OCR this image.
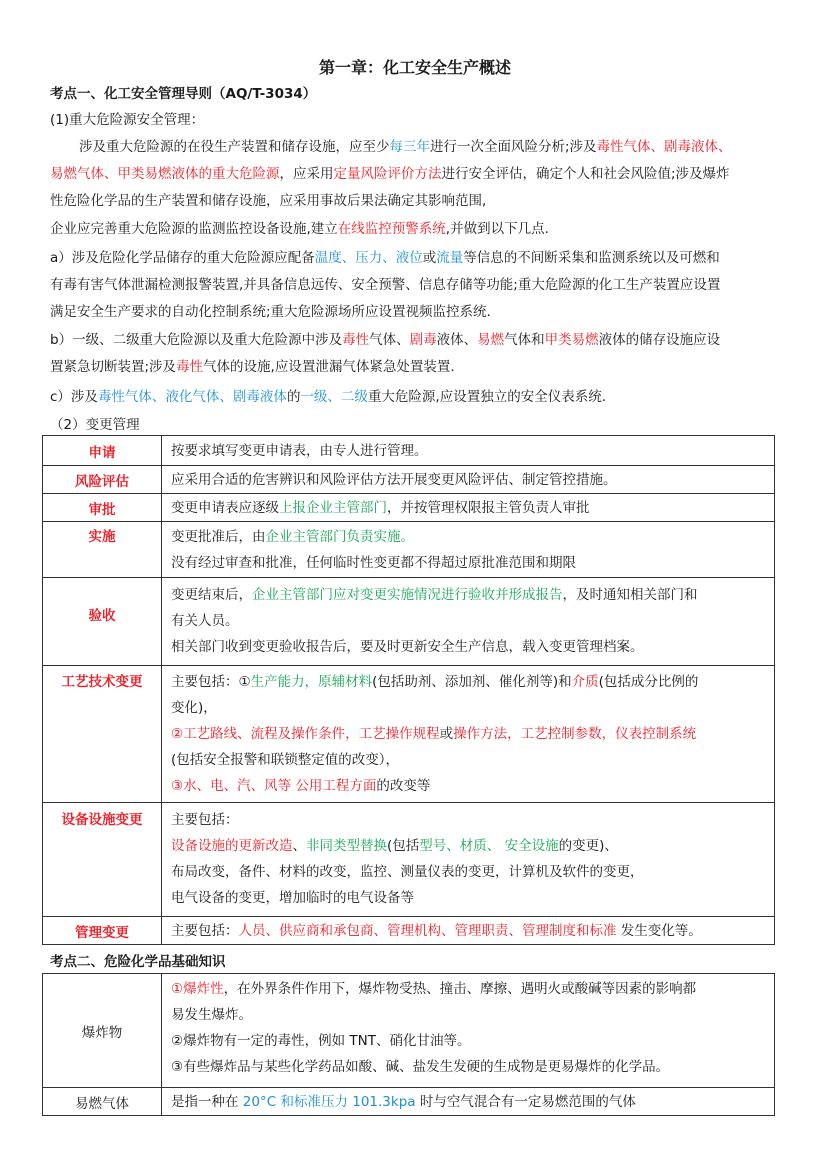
第一章：化工安全生产概述
考点一、化工安全管理导则（AQ/T-3034）
(1)重大危险源安全管理：
涉及重大危险源的在役生产装置和储存设施，应至少每三年进行一次全面风险分析;涉及毒性气体、剧毒液体、
易燃气体、甲类易燃液体的重大危险源，应采用定量风险评价方法进行安全评估，确定个人和社会风险值;涉及爆炸
性危险化学品的生产装置和储存设施，应采用事故后果法确定其影响范围,
企业应完善重大危险源的监测监控设备设施,建立在线监控预警系统,并做到以下几点.
a）涉及危险化学品储存的重大危险源应配备温度、压力、液位或流量等信息的不间断采集和监测系统以及可燃和
有毒有害气体泄漏检测报警装置,并具备信息远传、安全预警、信息存储等功能;重大危险源的化工生产装置应设置
满足安全生产要求的自动化控制系统;重大危险源场所应设置视频监控系统.
b）一级、二级重大危险源以及重大危险源中涉及毒性气体、剧毒液体、易燃气体和甲类易燃液体的储存设施应设
置紧急切断装置;涉及毒性气体的设施,应设置泄漏气体紧急处置装置.
c）涉及毒性气体、液化气体、剧毒液体的一级、二级重大危险源,应设置独立的安全仪表系统.
（2）变更管理
申请	按要求填写变更申请表，由专人进行管理。

风险评估	应采用合适的危害辨识和风险评估方法开展变更风险评估、制定管控措施。

审批	变更申请表应逐级上报企业主管部门，并按管理权限报主管负责人审批

实施	变更批准后，由企业主管部门负责实施。
没有经过审查和批准，任何临时性变更都不得超过原批准范围和期限

验收	变更结束后，企业主管部门应对变更实施情况进行验收并形成报告，及时通知相关部门和
有关人员。
相关部门收到变更验收报告后，要及时更新安全生产信息，载入变更管理档案。

工艺技术变更	主要包括：①生产能力，原辅材料(包括助剂、添加剂、催化剂等)和介质(包括成分比例的
变化)，
②工艺路线、流程及操作条件，工艺操作规程或操作方法，工艺控制参数，仪表控制系统
(包括安全报警和联锁整定值的改变），
③水、电、汽、风等 公用工程方面的改变等

设备设施变更	主要包括：
设备设施的更新改造、非同类型替换(包括型号、材质、 安全设施的变更)、
布局改变，备件、材料的改变，监控、测量仪表的变更，计算机及软件的变更，
电气设备的变更，增加临时的电气设备等

管理变更	主要包括：人员、供应商和承包商、管理机构、管理职责、管理制度和标准 发生变化等。
考点二、危险化学品基础知识
爆炸物	①爆炸性，在外界条件作用下，爆炸物受热、撞击、摩擦、遇明火或酸碱等因素的影响都
易发生爆炸。
②爆炸物有一定的毒性，例如 TNT、硝化甘油等。
③有些爆炸品与某些化学药品如酸、碱、盐发生发硬的生成物是更易爆炸的化学品。

易燃气体	是指一种在 20°C 和标准压力 101.3kpa 时与空气混合有一定易燃范围的气体
